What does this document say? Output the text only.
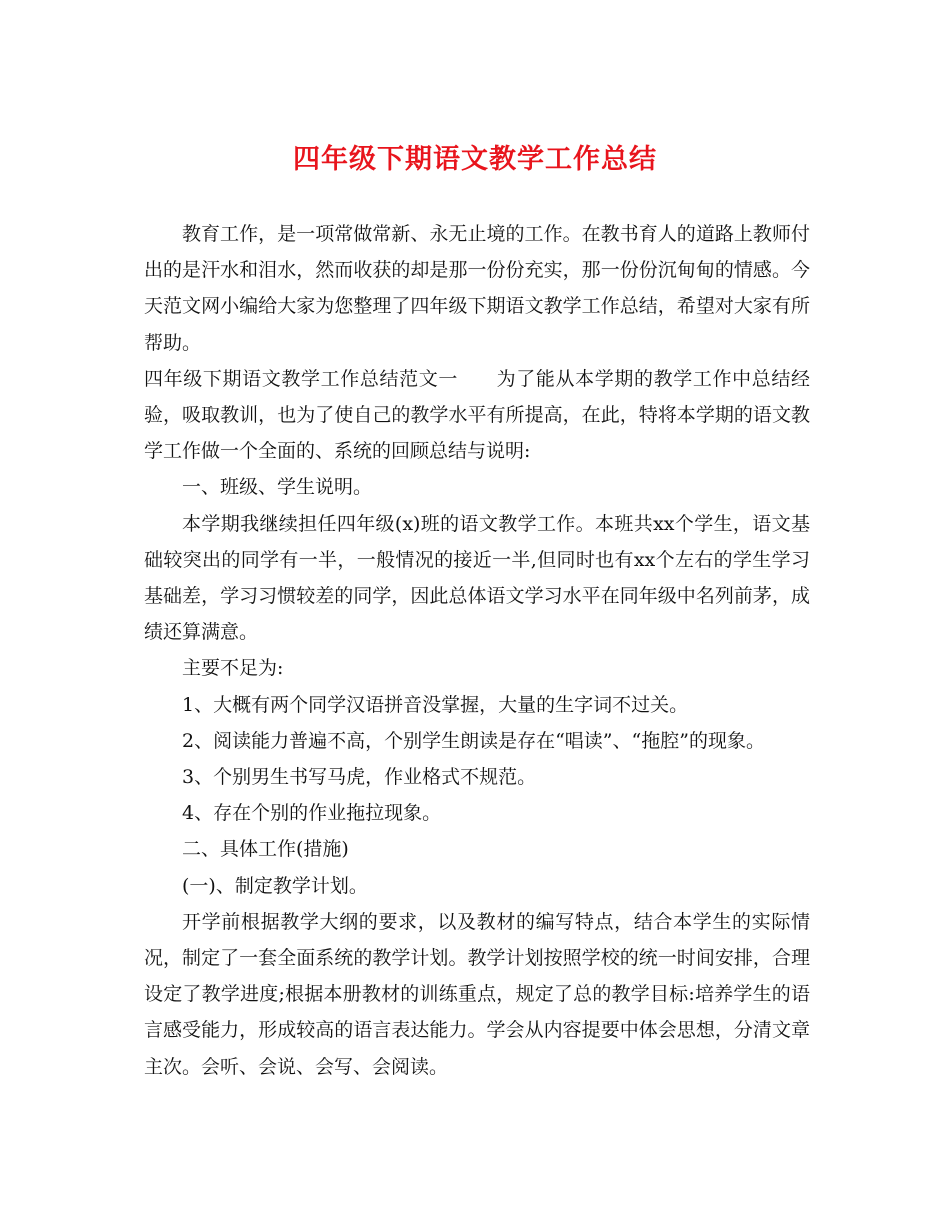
四年级下期语文教学工作总结

教育工作，是一项常做常新、永无止境的工作。在教书育人的道路上教师付出的是汗水和泪水，然而收获的却是那一份份充实，那一份份沉甸甸的情感。今天范文网小编给大家为您整理了四年级下期语文教学工作总结，希望对大家有所帮助。

四年级下期语文教学工作总结范文一 为了能从本学期的教学工作中总结经验，吸取教训，也为了使自己的教学水平有所提高，在此，特将本学期的语文教学工作做一个全面的、系统的回顾总结与说明:

一、班级、学生说明。

本学期我继续担任四年级(x)班的语文教学工作。本班共xx个学生，语文基础较突出的同学有一半，一般情况的接近一半,但同时也有xx个左右的学生学习基础差，学习习惯较差的同学，因此总体语文学习水平在同年级中名列前茅，成绩还算满意。

主要不足为:

1、大概有两个同学汉语拼音没掌握，大量的生字词不过关。

2、阅读能力普遍不高，个别学生朗读是存在“唱读”、“拖腔”的现象。

3、个别男生书写马虎，作业格式不规范。

4、存在个别的作业拖拉现象。

二、具体工作(措施)

(一)、制定教学计划。

开学前根据教学大纲的要求，以及教材的编写特点，结合本学生的实际情况，制定了一套全面系统的教学计划。教学计划按照学校的统一时间安排，合理设定了教学进度;根据本册教材的训练重点，规定了总的教学目标:培养学生的语言感受能力，形成较高的语言表达能力。学会从内容提要中体会思想，分清文章主次。会听、会说、会写、会阅读。
